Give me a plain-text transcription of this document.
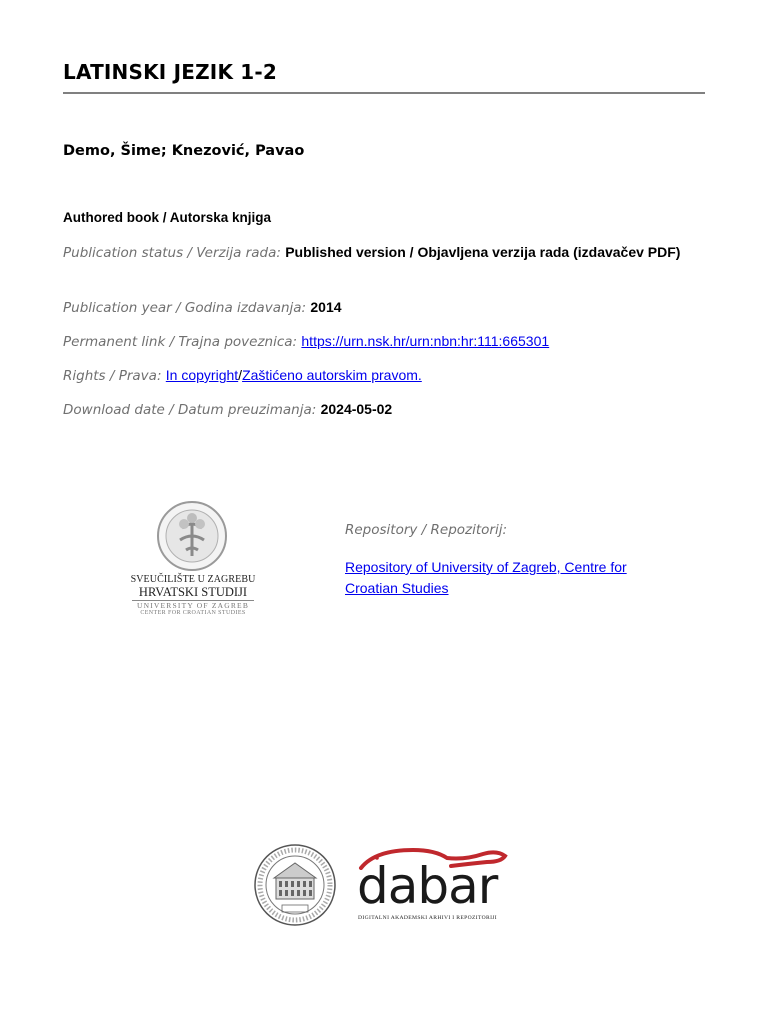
LATINSKI JEZIK 1-2
Demo, Šime; Knezović, Pavao
Authored book / Autorska knjiga
Publication status / Verzija rada: Published version / Objavljena verzija rada (izdavačev PDF)
Publication year / Godina izdavanja: 2014
Permanent link / Trajna poveznica: https://urn.nsk.hr/urn:nbn:hr:111:665301
Rights / Prava: In copyright/Zaštićeno autorskim pravom.
Download date / Datum preuzimanja: 2024-05-02
SVEUČILIŠTE U ZAGREBU
HRVATSKI STUDIJI
UNIVERSITY OF ZAGREB
CENTER FOR CROATIAN STUDIES
Repository / Repozitorij:
Repository of University of Zagreb, Centre for Croatian Studies
dabar
DIGITALNI AKADEMSKI ARHIVI I REPOZITORIJI
